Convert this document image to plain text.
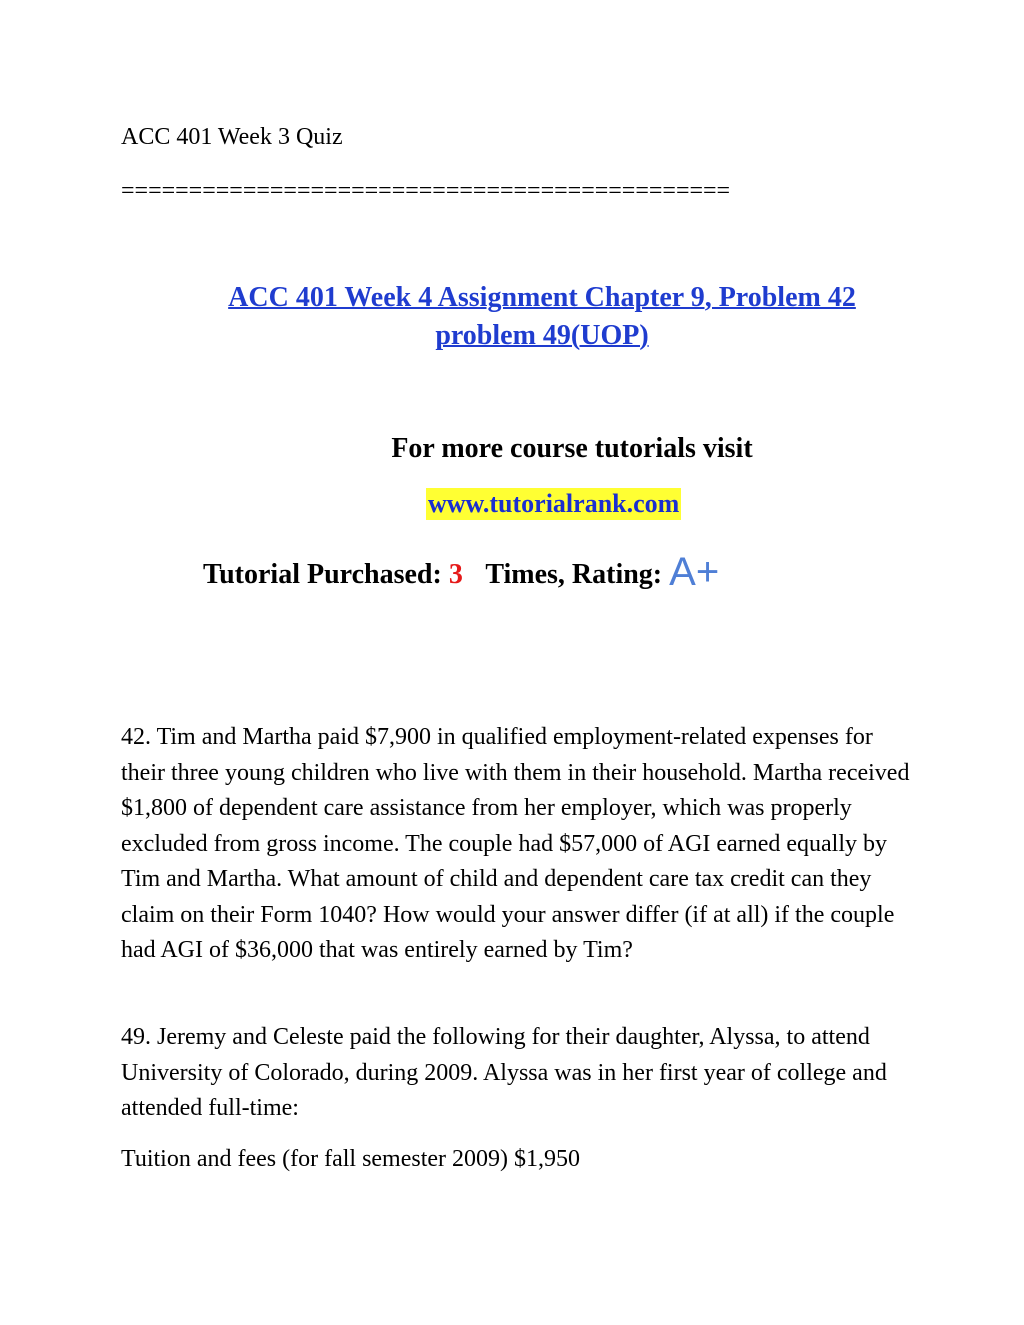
ACC 401 Week 3 Quiz
=============================================
ACC 401 Week 4 Assignment Chapter 9, Problem 42
problem 49(UOP)
For more course tutorials visit
www.tutorialrank.com
Tutorial Purchased: 3 Times, Rating: A+
42. Tim and Martha paid $7,900 in qualified employment-related expenses for their three young children who live with them in their household. Martha received $1,800 of dependent care assistance from her employer, which was properly excluded from gross income. The couple had $57,000 of AGI earned equally by Tim and Martha. What amount of child and dependent care tax credit can they claim on their Form 1040? How would your answer differ (if at all) if the couple had AGI of $36,000 that was entirely earned by Tim?
49. Jeremy and Celeste paid the following for their daughter, Alyssa, to attend University of Colorado, during 2009. Alyssa was in her first year of college and attended full-time:
Tuition and fees (for fall semester 2009) $1,950
